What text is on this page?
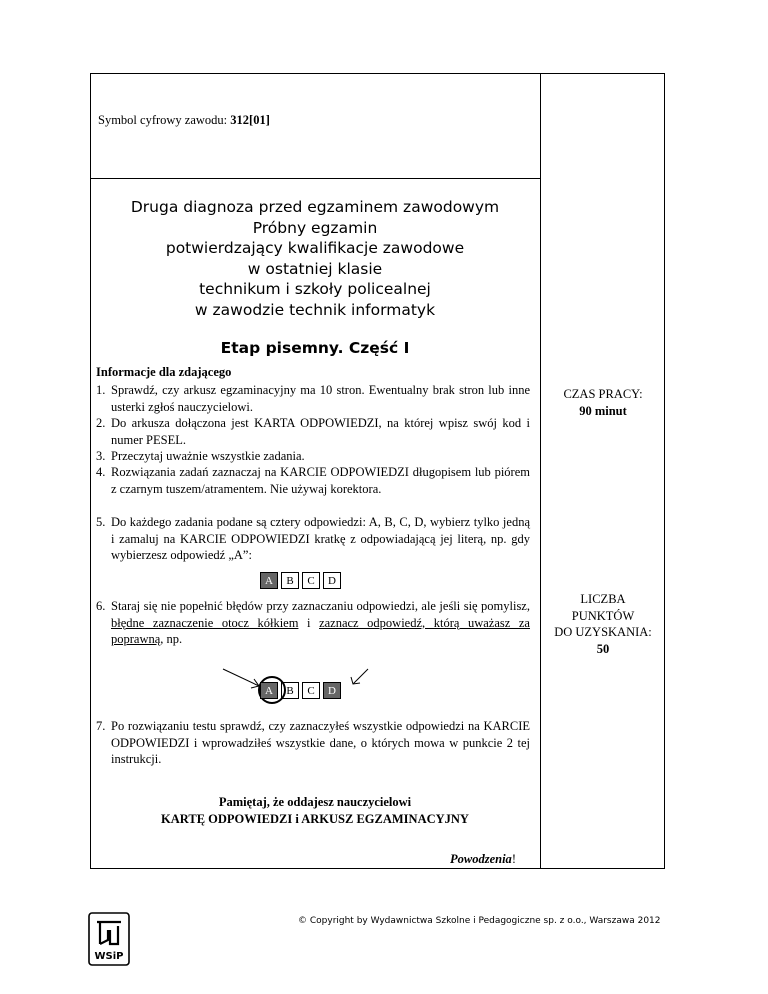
Symbol cyfrowy zawodu: 312[01]
Druga diagnoza przed egzaminem zawodowym
Próbny egzamin
potwierdzający kwalifikacje zawodowe
w ostatniej klasie
technikum i szkoły policealnej
w zawodzie technik informatyk
Etap pisemny. Część I
Informacje dla zdającego
1. Sprawdź, czy arkusz egzaminacyjny ma 10 stron. Ewentualny brak stron lub inne usterki zgłoś nauczycielowi.
2. Do arkusza dołączona jest KARTA ODPOWIEDZI, na której wpisz swój kod i numer PESEL.
3. Przeczytaj uważnie wszystkie zadania.
4. Rozwiązania zadań zaznaczaj na KARCIE ODPOWIEDZI długopisem lub piórem z czarnym tuszem/atramentem. Nie używaj korektora.
5. Do każdego zadania podane są cztery odpowiedzi: A, B, C, D, wybierz tylko jedną i zamaluj na KARCIE ODPOWIEDZI kratkę z odpowiadającą jej literą, np. gdy wybierzesz odpowiedź „A”:
A	B	C	D
6. Staraj się nie popełnić błędów przy zaznaczaniu odpowiedzi, ale jeśli się pomylisz, błędne zaznaczenie otocz kółkiem i zaznacz odpowiedź, którą uważasz za poprawną, np.
A	B	C	D
7. Po rozwiązaniu testu sprawdź, czy zaznaczyłeś wszystkie odpowiedzi na KARCIE ODPOWIEDZI i wprowadziłeś wszystkie dane, o których mowa w punkcie 2 tej instrukcji.
Pamiętaj, że oddajesz nauczycielowi
KARTĘ ODPOWIEDZI i ARKUSZ EGZAMINACYJNY
Powodzenia!
CZAS PRACY:
90 minut
LICZBA
PUNKTÓW
DO UZYSKANIA:
50
WSiP
© Copyright by Wydawnictwa Szkolne i Pedagogiczne sp. z o.o., Warszawa 2012
